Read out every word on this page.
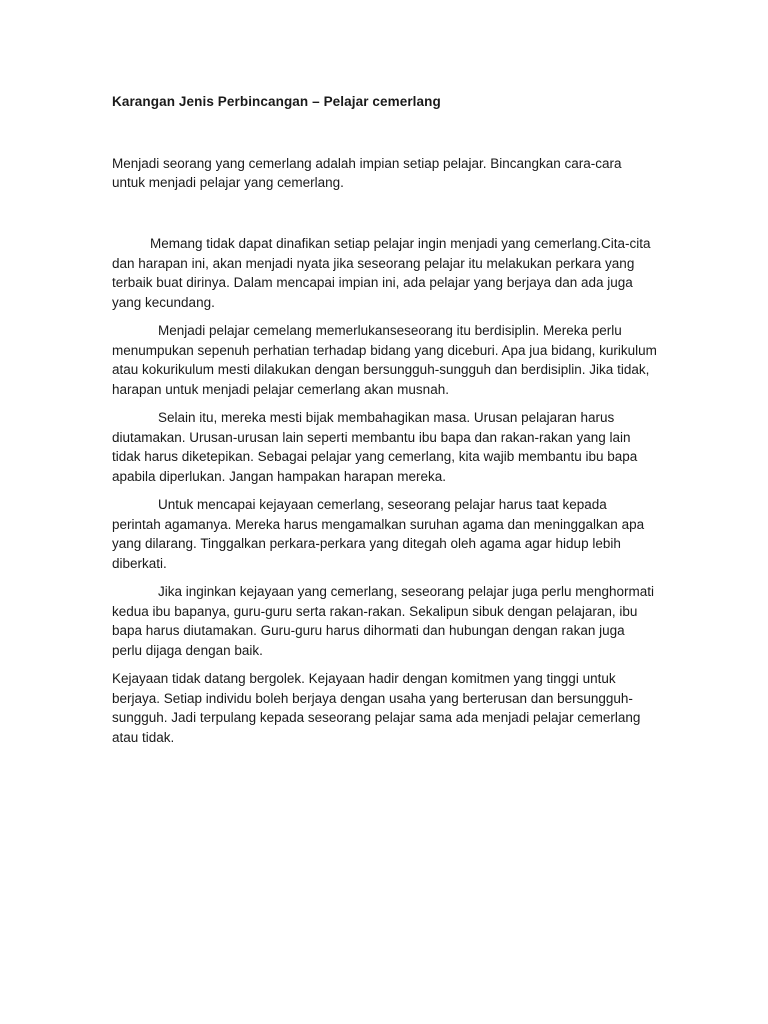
Karangan Jenis Perbincangan – Pelajar cemerlang

Menjadi seorang yang cemerlang adalah impian setiap pelajar. Bincangkan cara-cara untuk menjadi pelajar yang cemerlang.

Memang tidak dapat dinafikan setiap pelajar ingin menjadi yang cemerlang.Cita-cita dan harapan ini, akan menjadi nyata jika seseorang pelajar itu melakukan perkara yang terbaik buat dirinya. Dalam mencapai impian ini, ada pelajar yang berjaya dan ada juga yang kecundang.

Menjadi pelajar cemelang memerlukanseseorang itu berdisiplin. Mereka perlu menumpukan sepenuh perhatian terhadap bidang yang diceburi. Apa jua bidang, kurikulum atau kokurikulum mesti dilakukan dengan bersungguh-sungguh dan berdisiplin. Jika tidak, harapan untuk menjadi pelajar cemerlang akan musnah.

Selain itu, mereka mesti bijak membahagikan masa. Urusan pelajaran harus diutamakan. Urusan-urusan lain seperti membantu ibu bapa dan rakan-rakan yang lain tidak harus diketepikan. Sebagai pelajar yang cemerlang, kita wajib membantu ibu bapa apabila diperlukan. Jangan hampakan harapan mereka.

Untuk mencapai kejayaan cemerlang, seseorang pelajar harus taat kepada perintah agamanya. Mereka harus mengamalkan suruhan agama dan meninggalkan apa yang dilarang. Tinggalkan perkara-perkara yang ditegah oleh agama agar hidup lebih diberkati.

Jika inginkan kejayaan yang cemerlang, seseorang pelajar juga perlu menghormati kedua ibu bapanya, guru-guru serta rakan-rakan. Sekalipun sibuk dengan pelajaran, ibu bapa harus diutamakan. Guru-guru harus dihormati dan hubungan dengan rakan juga perlu dijaga dengan baik.

Kejayaan tidak datang bergolek. Kejayaan hadir dengan komitmen yang tinggi untuk berjaya. Setiap individu boleh berjaya dengan usaha yang berterusan dan bersungguh-sungguh. Jadi terpulang kepada seseorang pelajar sama ada menjadi pelajar cemerlang atau tidak.
